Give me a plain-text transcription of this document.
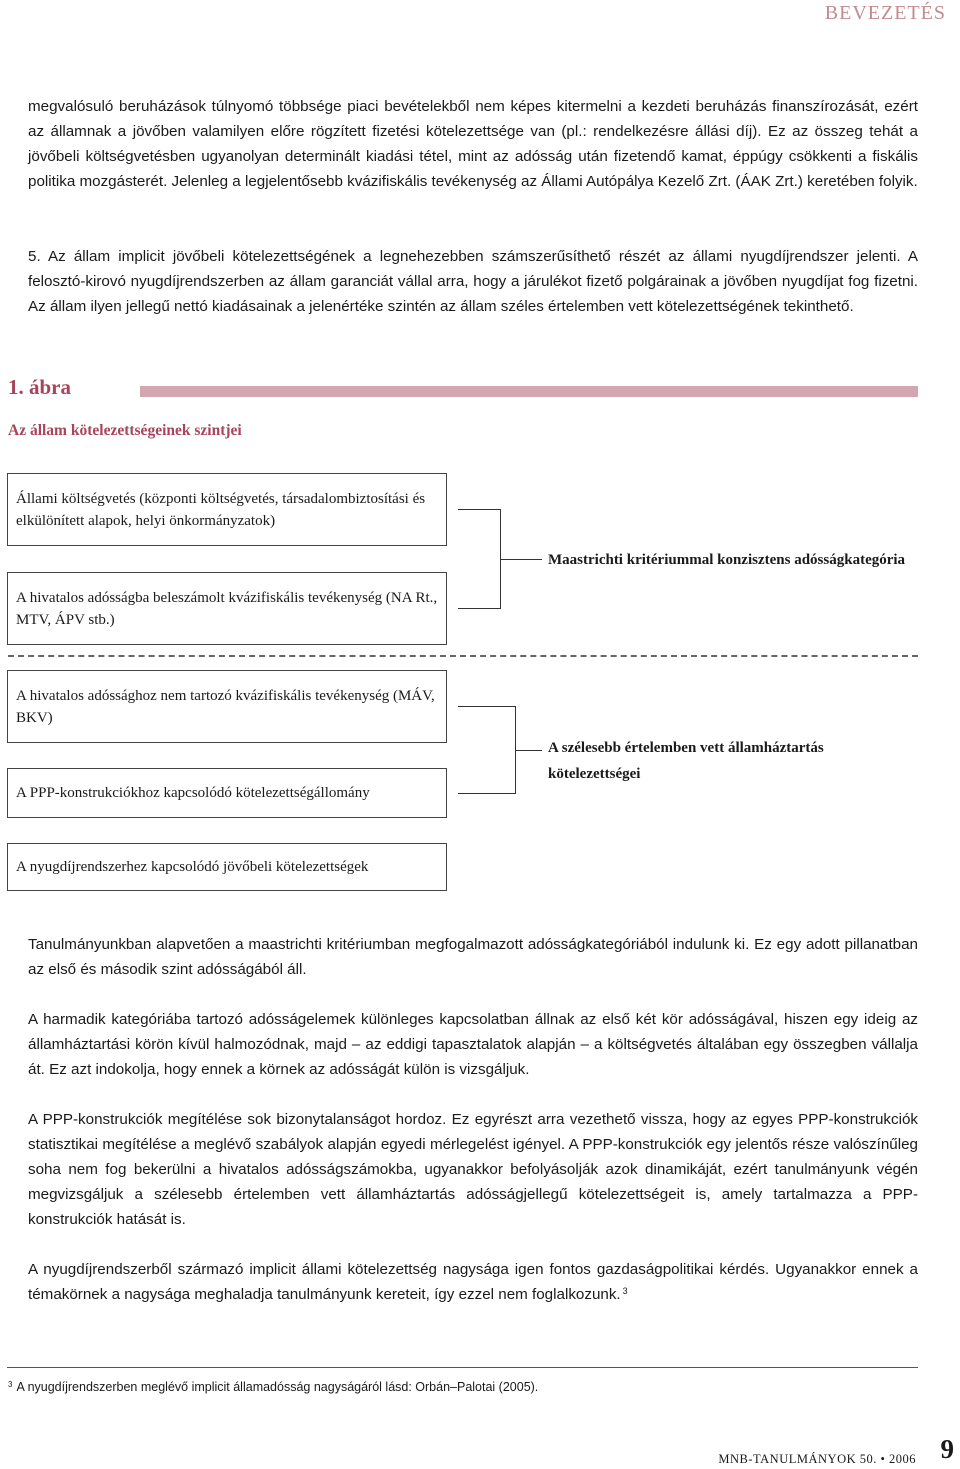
BEVEZETÉS

megvalósuló beruházások túlnyomó többsége piaci bevételekből nem képes kitermelni a kezdeti beruházás finanszírozását, ezért az államnak a jövőben valamilyen előre rögzített fizetési kötelezettsége van (pl.: rendelkezésre állási díj). Ez az összeg tehát a jövőbeli költségvetésben ugyanolyan determinált kiadási tétel, mint az adósság után fizetendő kamat, éppúgy csökkenti a fiskális politika mozgásterét. Jelenleg a legjelentősebb kvázifiskális tevékenység az Állami Autópálya Kezelő Zrt. (ÁAK Zrt.) keretében folyik.

5. Az állam implicit jövőbeli kötelezettségének a legnehezebben számszerűsíthető részét az állami nyugdíjrendszer jelenti. A felosztó-kirovó nyugdíjrendszerben az állam garanciát vállal arra, hogy a járulékot fizető polgárainak a jövőben nyugdíjat fog fizetni. Az állam ilyen jellegű nettó kiadásainak a jelenértéke szintén az állam széles értelemben vett kötelezettségének tekinthető.

1. ábra
Az állam kötelezettségeinek szintjei
Állami költségvetés (központi költségvetés, társadalombiztosítási és elkülönített alapok, helyi önkormányzatok)
A hivatalos adósságba beleszámolt kvázifiskális tevékenység (NA Rt., MTV, ÁPV stb.)
A hivatalos adóssághoz nem tartozó kvázifiskális tevékenység (MÁV, BKV)
A PPP-konstrukciókhoz kapcsolódó kötelezettségállomány
A nyugdíjrendszerhez kapcsolódó jövőbeli kötelezettségek
Maastrichti kritériummal konzisztens adósságkategória
A szélesebb értelemben vett államháztartás kötelezettségei

Tanulmányunkban alapvetően a maastrichti kritériumban megfogalmazott adósságkategóriából indulunk ki. Ez egy adott pillanatban az első és második szint adósságából áll.

A harmadik kategóriába tartozó adósságelemek különleges kapcsolatban állnak az első két kör adósságával, hiszen egy ideig az államháztartási körön kívül halmozódnak, majd – az eddigi tapasztalatok alapján – a költségvetés általában egy összegben vállalja át. Ez azt indokolja, hogy ennek a körnek az adósságát külön is vizsgáljuk.

A PPP-konstrukciók megítélése sok bizonytalanságot hordoz. Ez egyrészt arra vezethető vissza, hogy az egyes PPP-konstrukciók statisztikai megítélése a meglévő szabályok alapján egyedi mérlegelést igényel. A PPP-konstrukciók egy jelentős része valószínűleg soha nem fog bekerülni a hivatalos adósságszámokba, ugyanakkor befolyásolják azok dinamikáját, ezért tanulmányunk végén megvizsgáljuk a szélesebb értelemben vett államháztartás adósságjellegű kötelezettségeit is, amely tartalmazza a PPP-konstrukciók hatását is.

A nyugdíjrendszerből származó implicit állami kötelezettség nagysága igen fontos gazdaságpolitikai kérdés. Ugyanakkor ennek a témakörnek a nagysága meghaladja tanulmányunk kereteit, így ezzel nem foglalkozunk. $^3$

$^3$ A nyugdíjrendszerben meglévő implicit államadósság nagyságáról lásd: Orbán–Palotai (2005).
MNB-TANULMÁNYOK 50. • 2006 9
